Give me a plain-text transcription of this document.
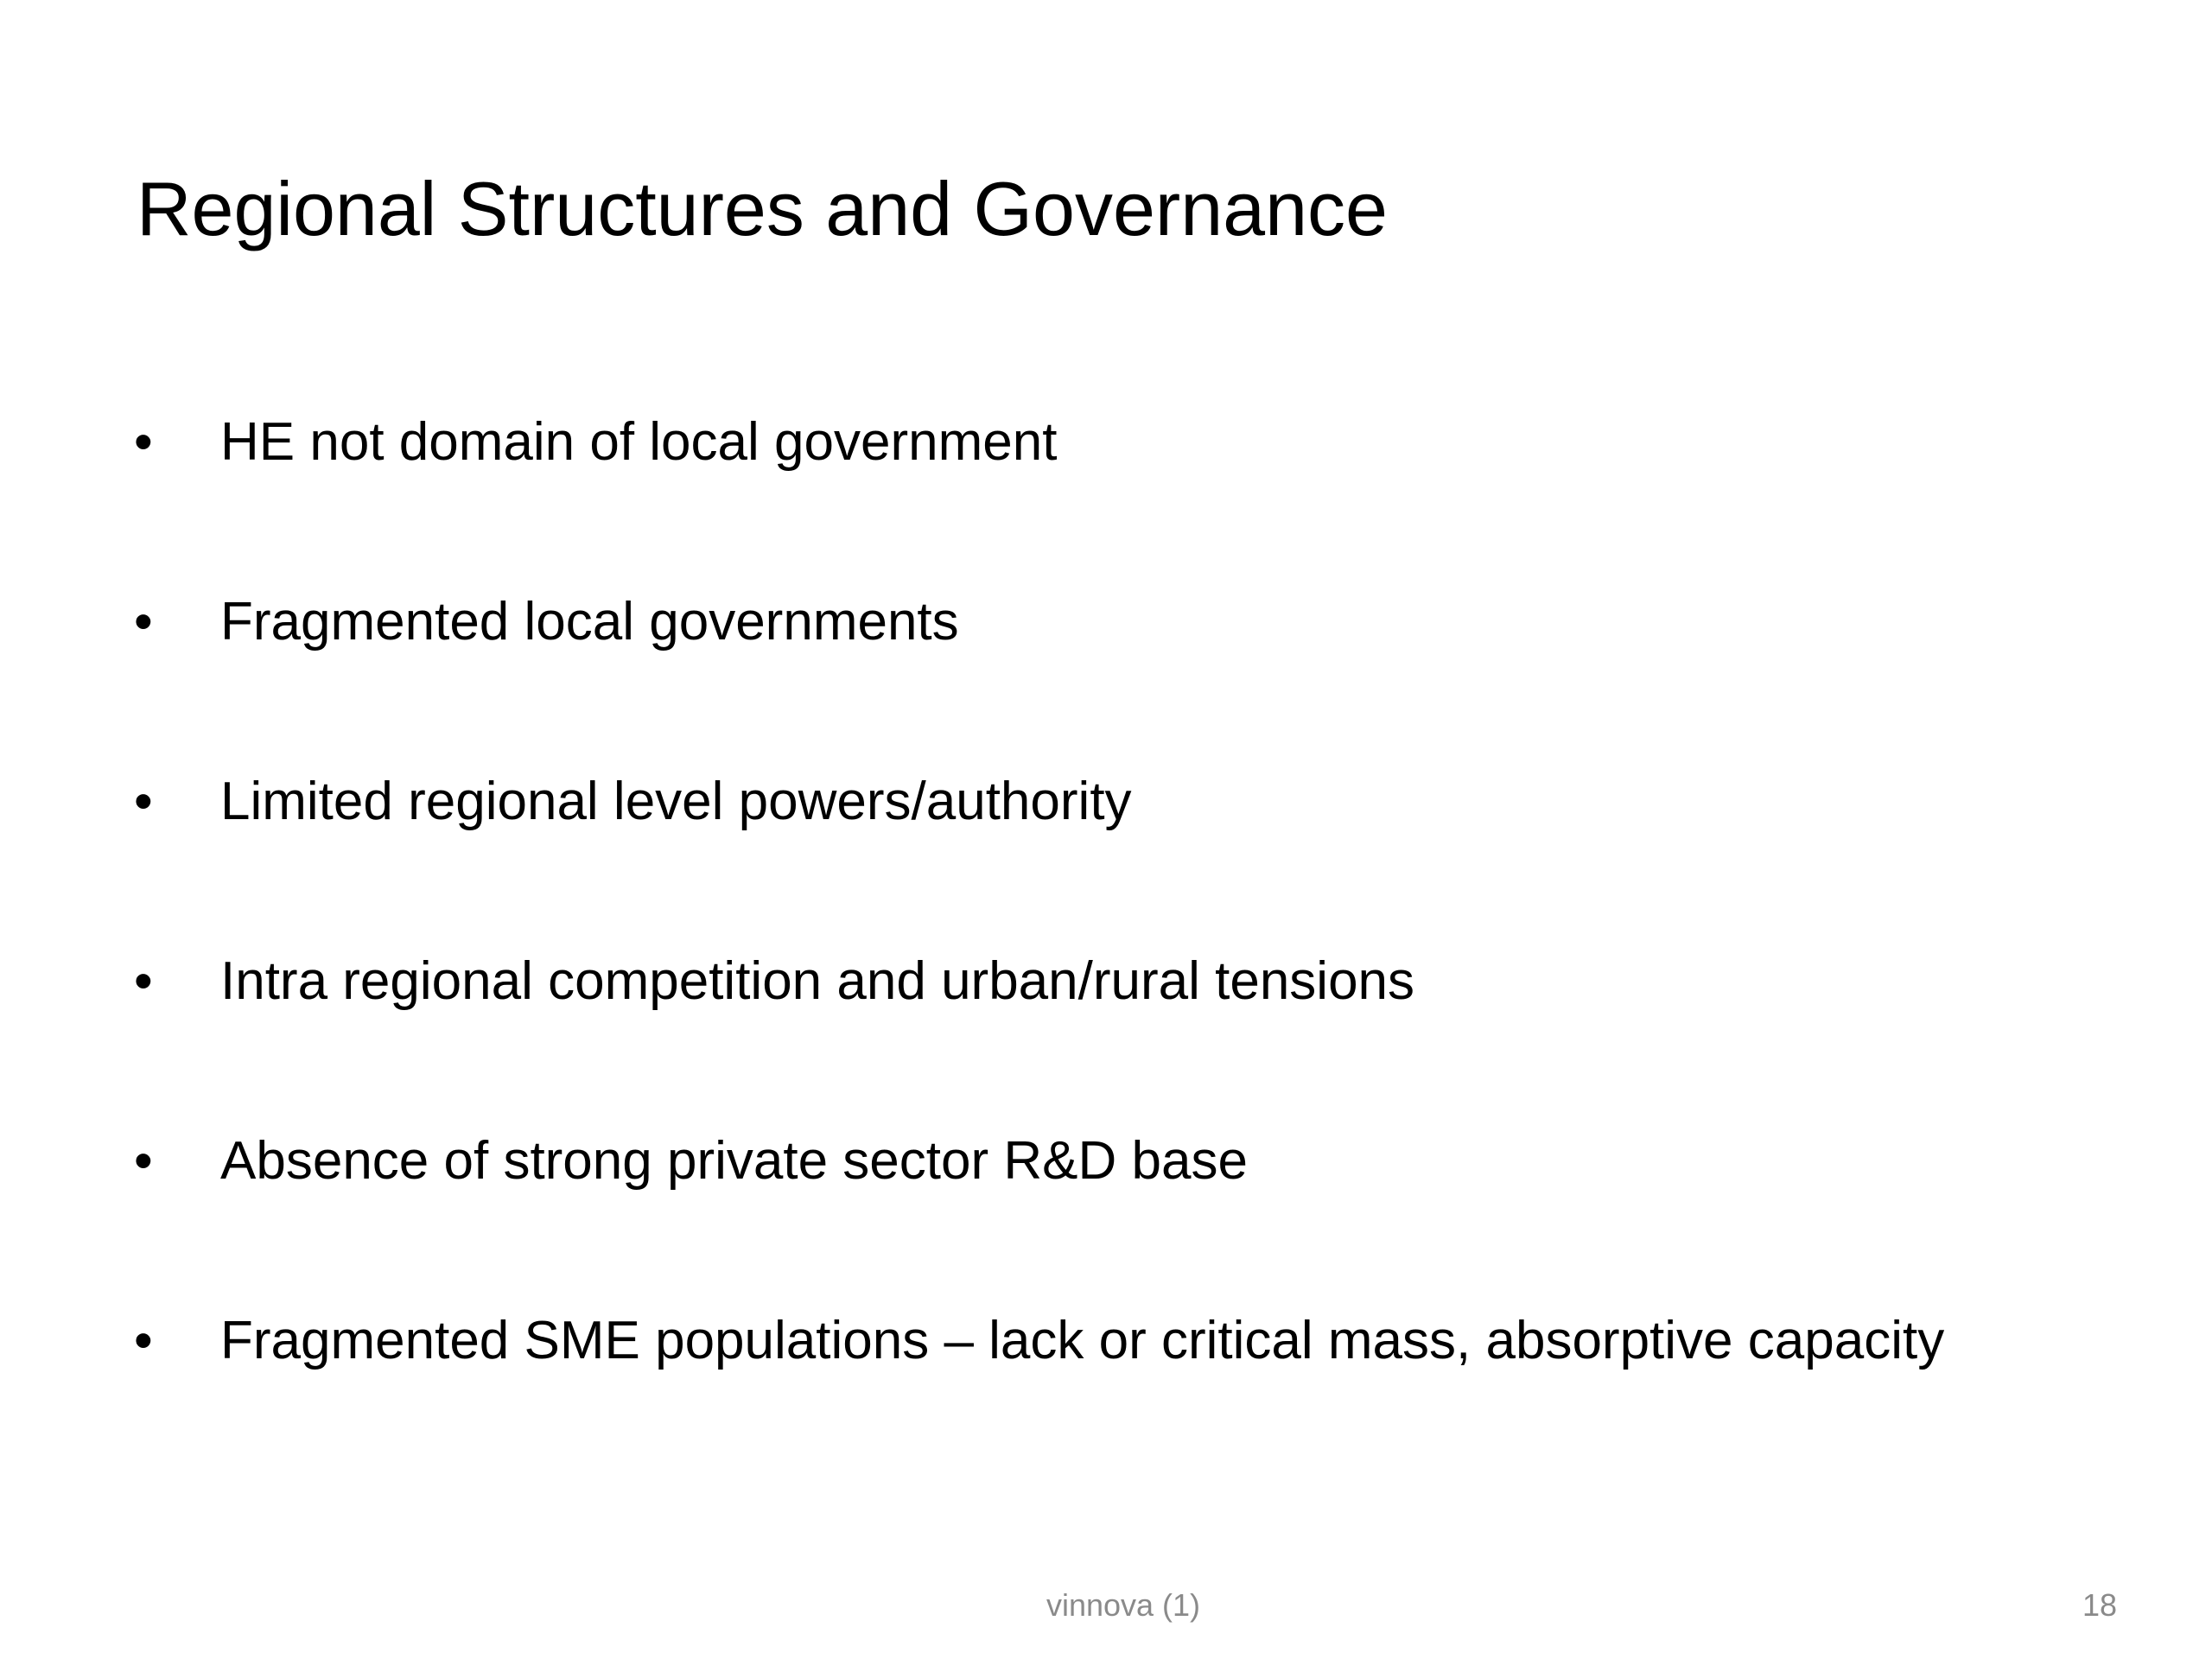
Regional Structures and Governance
• HE not domain of local government
• Fragmented local governments
• Limited regional level powers/authority
• Intra regional competition and urban/rural tensions
• Absence of strong private sector R&D base
• Fragmented SME populations – lack or critical mass, absorptive capacity
vinnova (1)	18
